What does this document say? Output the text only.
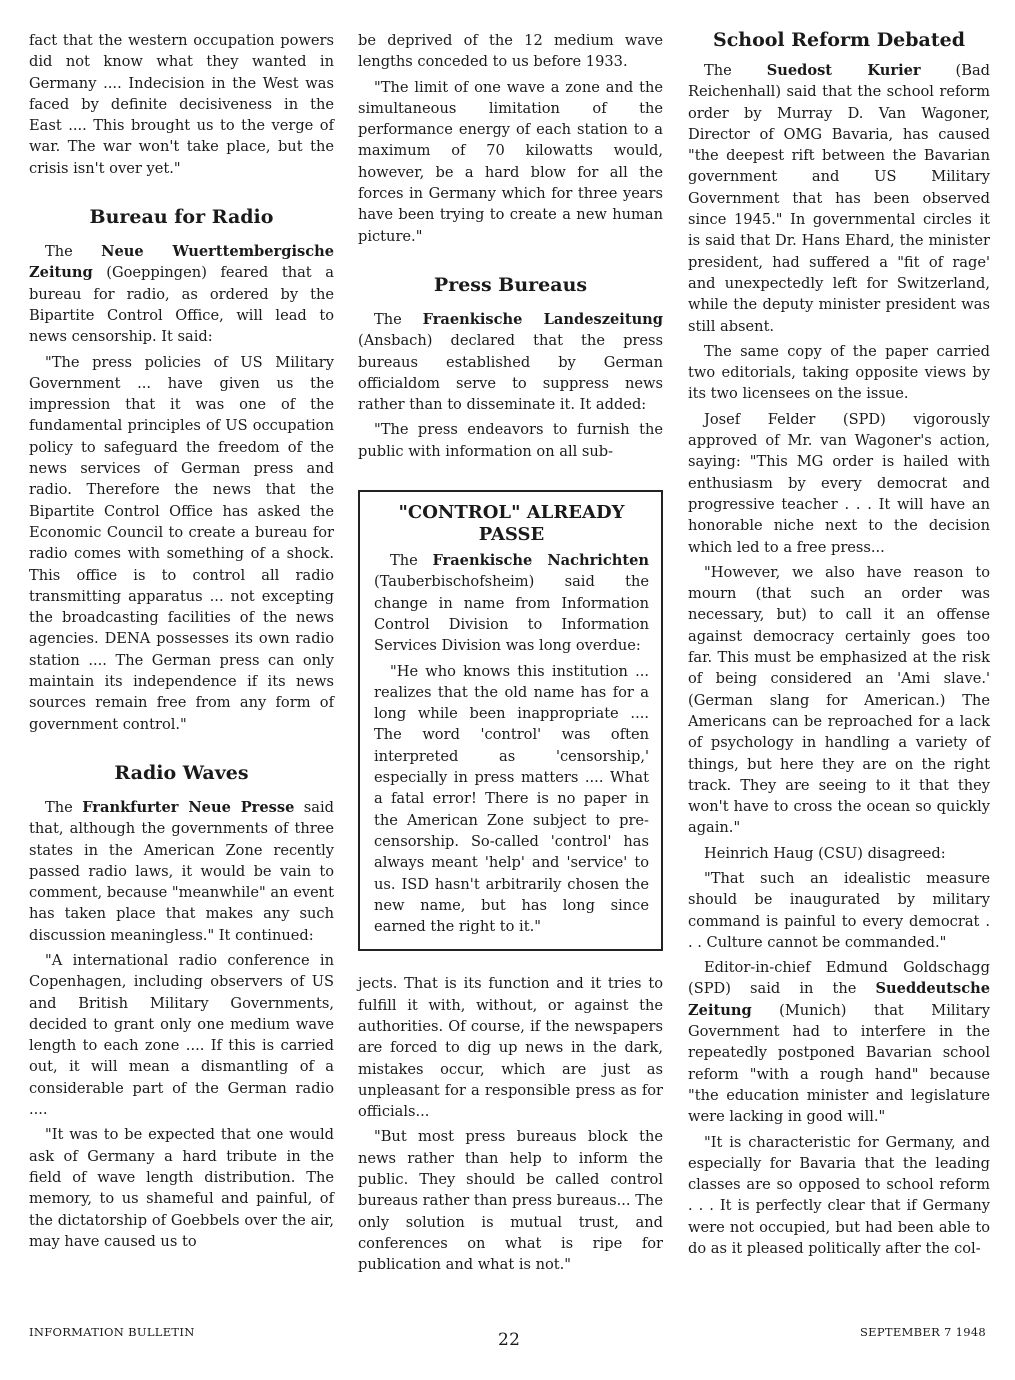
fact that the western occupation powers did not know what they wanted in Germany .... Indecision in the West was faced by definite decisiveness in the East .... This brought us to the verge of war. The war won't take place, but the crisis isn't over yet."

Bureau for Radio

The Neue Wuerttembergische Zeitung (Goeppingen) feared that a bureau for radio, as ordered by the Bipartite Control Office, will lead to news censorship. It said:

"The press policies of US Military Government ... have given us the impression that it was one of the fundamental principles of US occupation policy to safeguard the freedom of the news services of German press and radio. Therefore the news that the Bipartite Control Office has asked the Economic Council to create a bureau for radio comes with something of a shock. This office is to control all radio transmitting apparatus ... not excepting the broadcasting facilities of the news agencies. DENA possesses its own radio station .... The German press can only maintain its independence if its news sources remain free from any form of government control."

Radio Waves

The Frankfurter Neue Presse said that, although the governments of three states in the American Zone recently passed radio laws, it would be vain to comment, because "meanwhile" an event has taken place that makes any such discussion meaningless." It continued:

"A international radio conference in Copenhagen, including observers of US and British Military Governments, decided to grant only one medium wave length to each zone .... If this is carried out, it will mean a dismantling of a considerable part of the German radio ....

"It was to be expected that one would ask of Germany a hard tribute in the field of wave length distribution. The memory, to us shameful and painful, of the dictatorship of Goebbels over the air, may have caused us to

be deprived of the 12 medium wave lengths conceded to us before 1933.

"The limit of one wave a zone and the simultaneous limitation of the performance energy of each station to a maximum of 70 kilowatts would, however, be a hard blow for all the forces in Germany which for three years have been trying to create a new human picture."

Press Bureaus

The Fraenkische Landeszeitung (Ansbach) declared that the press bureaus established by German officialdom serve to suppress news rather than to disseminate it. It added:

"The press endeavors to furnish the public with information on all sub-

"CONTROL" ALREADY PASSE

The Fraenkische Nachrichten (Tauberbischofsheim) said the change in name from Information Control Division to Information Services Division was long overdue:

"He who knows this institution ... realizes that the old name has for a long while been inappropriate .... The word 'control' was often interpreted as 'censorship,' especially in press matters .... What a fatal error! There is no paper in the American Zone subject to pre-censorship. So-called 'control' has always meant 'help' and 'service' to us. ISD hasn't arbitrarily chosen the new name, but has long since earned the right to it."

jects. That is its function and it tries to fulfill it with, without, or against the authorities. Of course, if the newspapers are forced to dig up news in the dark, mistakes occur, which are just as unpleasant for a responsible press as for officials...

"But most press bureaus block the news rather than help to inform the public. They should be called control bureaus rather than press bureaus... The only solution is mutual trust, and conferences on what is ripe for publication and what is not."

School Reform Debated

The Suedost Kurier (Bad Reichenhall) said that the school reform order by Murray D. Van Wagoner, Director of OMG Bavaria, has caused "the deepest rift between the Bavarian government and US Military Government that has been observed since 1945." In governmental circles it is said that Dr. Hans Ehard, the minister president, had suffered a "fit of rage' and unexpectedly left for Switzerland, while the deputy minister president was still absent.

The same copy of the paper carried two editorials, taking opposite views by its two licensees on the issue.

Josef Felder (SPD) vigorously approved of Mr. van Wagoner's action, saying: "This MG order is hailed with enthusiasm by every democrat and progressive teacher . . . It will have an honorable niche next to the decision which led to a free press...

"However, we also have reason to mourn (that such an order was necessary, but) to call it an offense against democracy certainly goes too far. This must be emphasized at the risk of being considered an 'Ami slave.' (German slang for American.) The Americans can be reproached for a lack of psychology in handling a variety of things, but here they are on the right track. They are seeing to it that they won't have to cross the ocean so quickly again."

Heinrich Haug (CSU) disagreed:

"That such an idealistic measure should be inaugurated by military command is painful to every democrat . . . Culture cannot be commanded."

Editor-in-chief Edmund Goldschagg (SPD) said in the Sueddeutsche Zeitung (Munich) that Military Government had to interfere in the repeatedly postponed Bavarian school reform "with a rough hand" because "the education minister and legislature were lacking in good will."

"It is characteristic for Germany, and especially for Bavaria that the leading classes are so opposed to school reform . . . It is perfectly clear that if Germany were not occupied, but had been able to do as it pleased politically after the col-

INFORMATION BULLETIN	22	SEPTEMBER 7 1948
